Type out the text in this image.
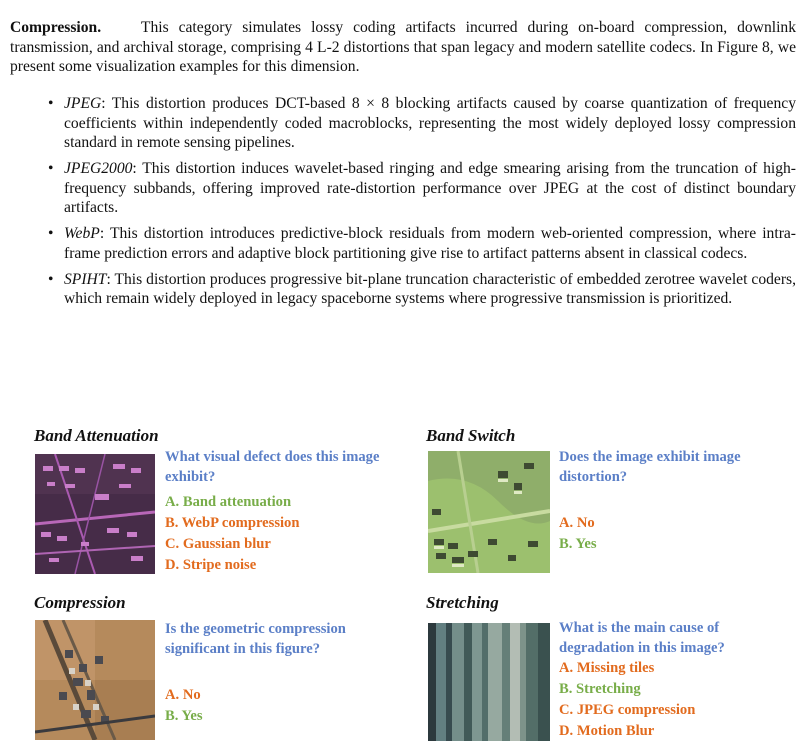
Compression.	This category simulates lossy coding artifacts incurred during on-board compression, downlink transmission, and archival storage, comprising 4 L-2 distortions that span legacy and modern satellite codecs. In Figure 8, we present some visualization examples for this dimension.

• JPEG: This distortion produces DCT-based 8 × 8 blocking artifacts caused by coarse quantization of frequency coefficients within independently coded macroblocks, representing the most widely deployed lossy compression standard in remote sensing pipelines.
• JPEG2000: This distortion induces wavelet-based ringing and edge smearing arising from the truncation of high-frequency subbands, offering improved rate-distortion performance over JPEG at the cost of distinct boundary artifacts.
• WebP: This distortion introduces predictive-block residuals from modern web-oriented compression, where intra-frame prediction errors and adaptive block partitioning give rise to artifact patterns absent in classical codecs.
• SPIHT: This distortion produces progressive bit-plane truncation characteristic of embedded zerotree wavelet coders, which remain widely deployed in legacy spaceborne systems where progressive transmission is prioritized.
Band Attenuation
What visual defect does this image exhibit?
A. Band attenuation
B. WebP compression
C. Gaussian blur
D. Stripe noise
Band Switch
Does the image exhibit image distortion?
A. No
B. Yes
Compression
Is the geometric compression significant in this figure?
A. No
B. Yes
Stretching
What is the main cause of degradation in this image?
A. Missing tiles
B. Stretching
C. JPEG compression
D. Motion Blur
